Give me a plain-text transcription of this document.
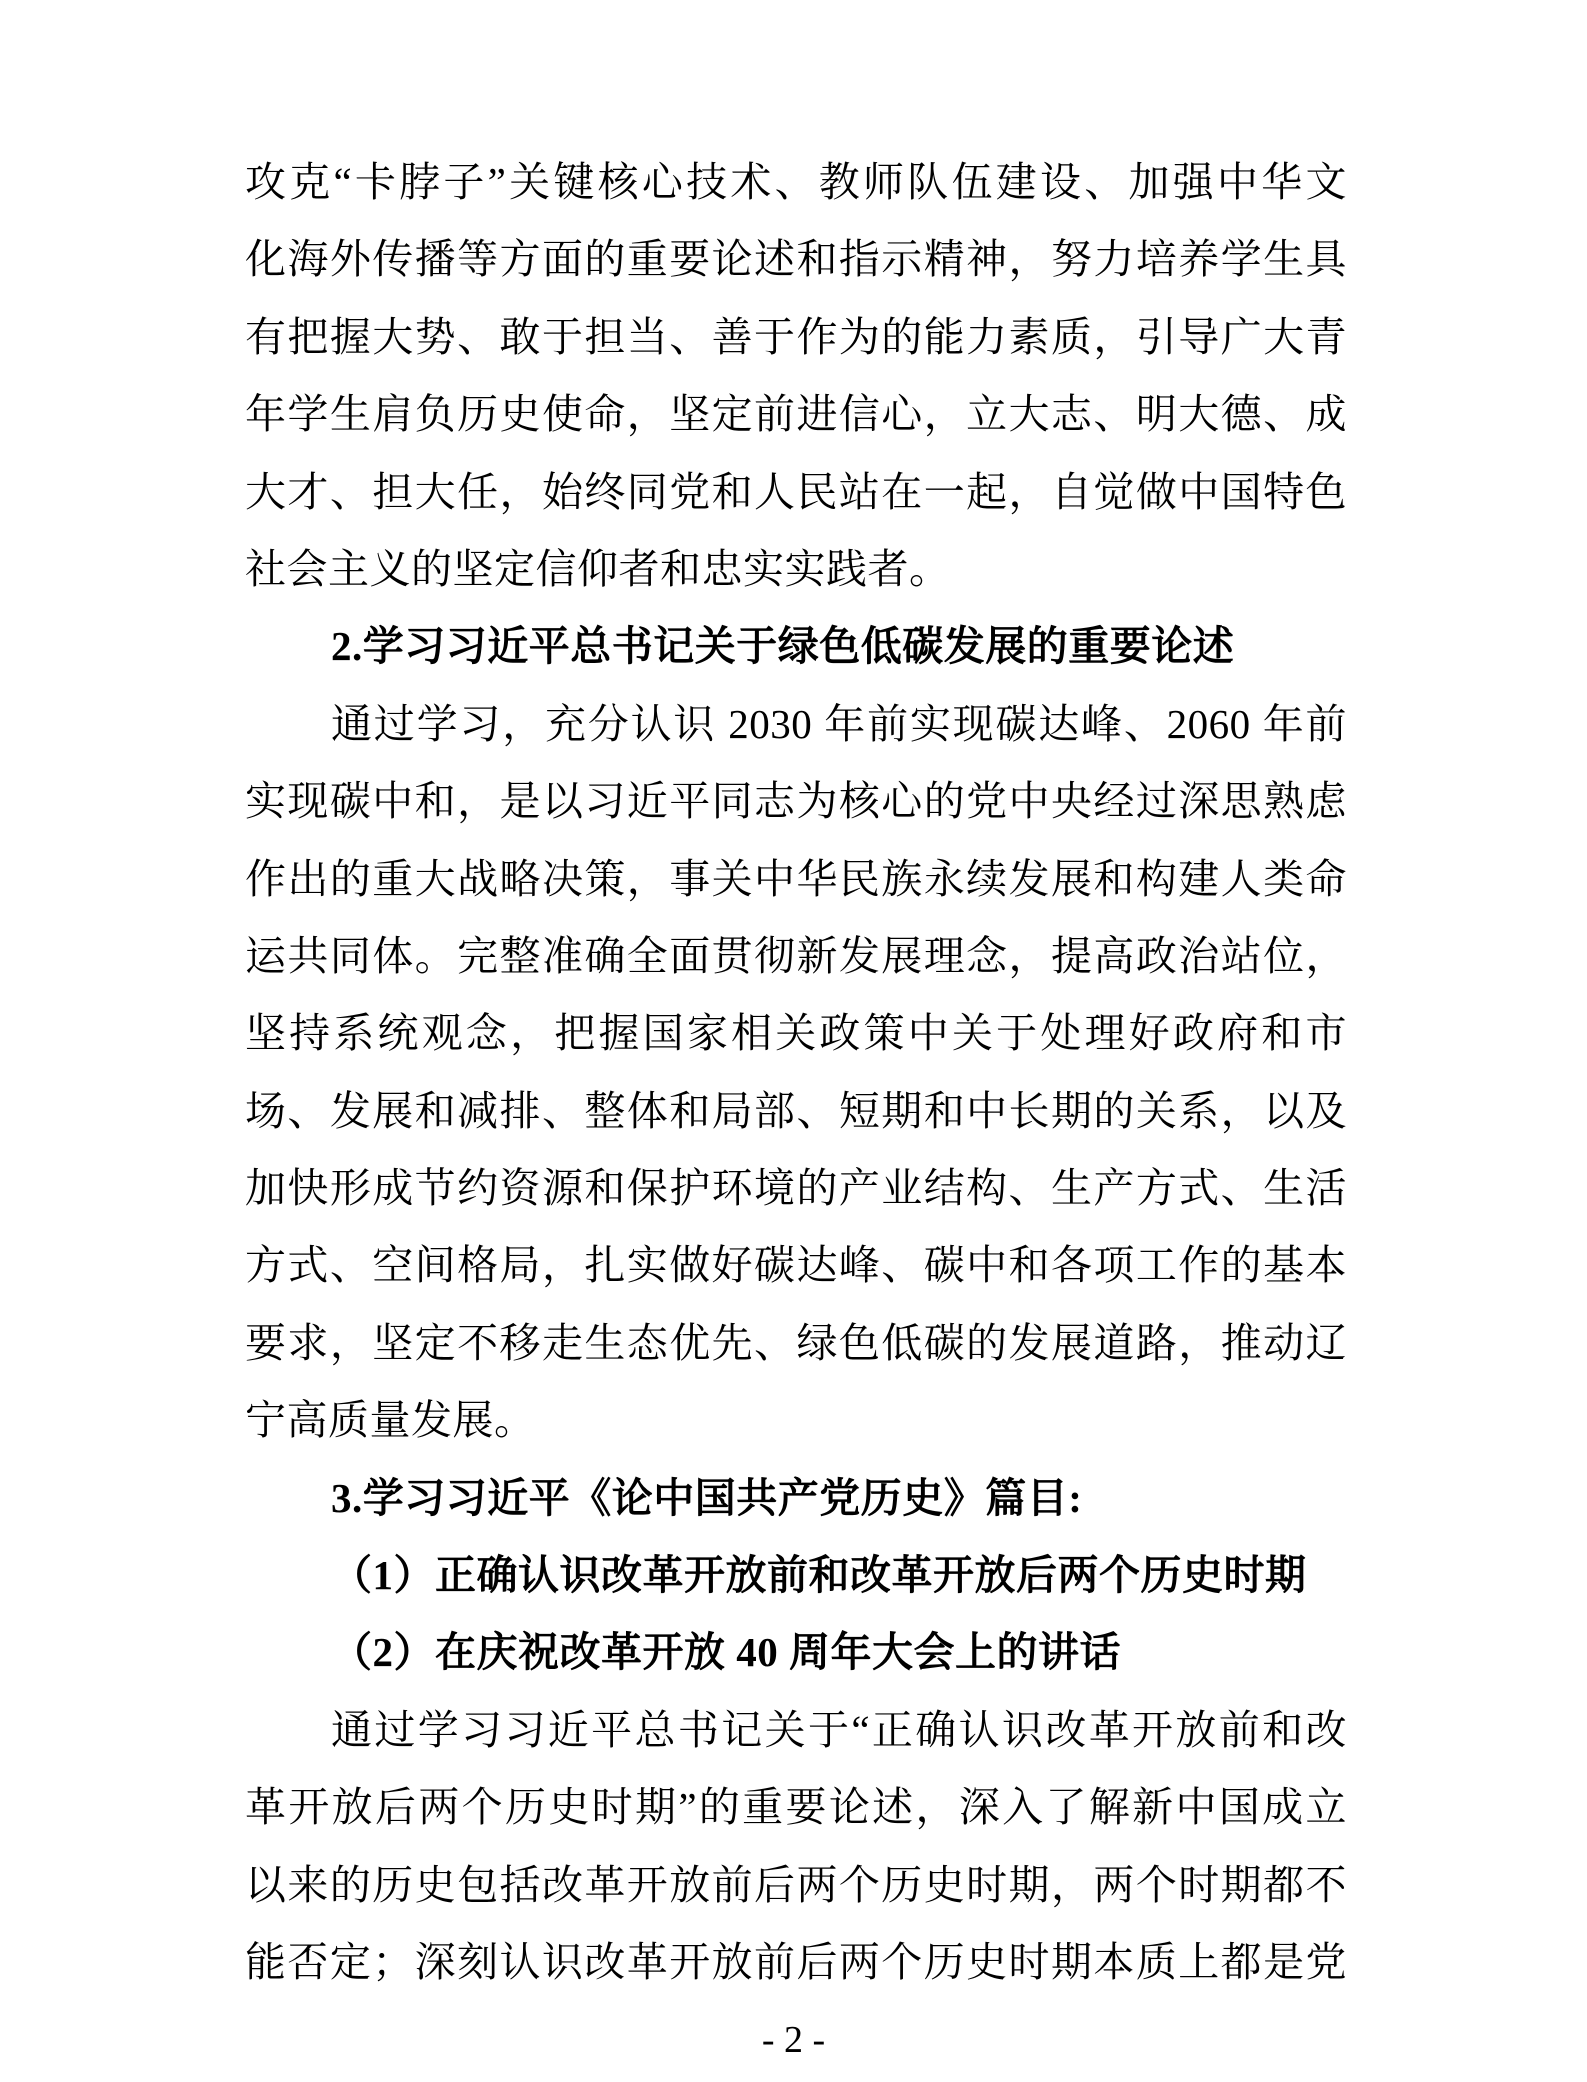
攻克“卡脖子”关键核心技术、教师队伍建设、加强中华文
化海外传播等方面的重要论述和指示精神，努力培养学生具
有把握大势、敢于担当、善于作为的能力素质，引导广大青
年学生肩负历史使命，坚定前进信心，立大志、明大德、成
大才、担大任，始终同党和人民站在一起，自觉做中国特色
社会主义的坚定信仰者和忠实实践者。
2.学习习近平总书记关于绿色低碳发展的重要论述
通过学习，充分认识 2030 年前实现碳达峰、2060 年前
实现碳中和，是以习近平同志为核心的党中央经过深思熟虑
作出的重大战略决策，事关中华民族永续发展和构建人类命
运共同体。完整准确全面贯彻新发展理念，提高政治站位，
坚持系统观念，把握国家相关政策中关于处理好政府和市
场、发展和减排、整体和局部、短期和中长期的关系，以及
加快形成节约资源和保护环境的产业结构、生产方式、生活
方式、空间格局，扎实做好碳达峰、碳中和各项工作的基本
要求，坚定不移走生态优先、绿色低碳的发展道路，推动辽
宁高质量发展。
3.学习习近平《论中国共产党历史》篇目:
（1）正确认识改革开放前和改革开放后两个历史时期
（2）在庆祝改革开放 40 周年大会上的讲话
通过学习习近平总书记关于“正确认识改革开放前和改
革开放后两个历史时期”的重要论述，深入了解新中国成立
以来的历史包括改革开放前后两个历史时期，两个时期都不
能否定；深刻认识改革开放前后两个历史时期本质上都是党
- 2 -
